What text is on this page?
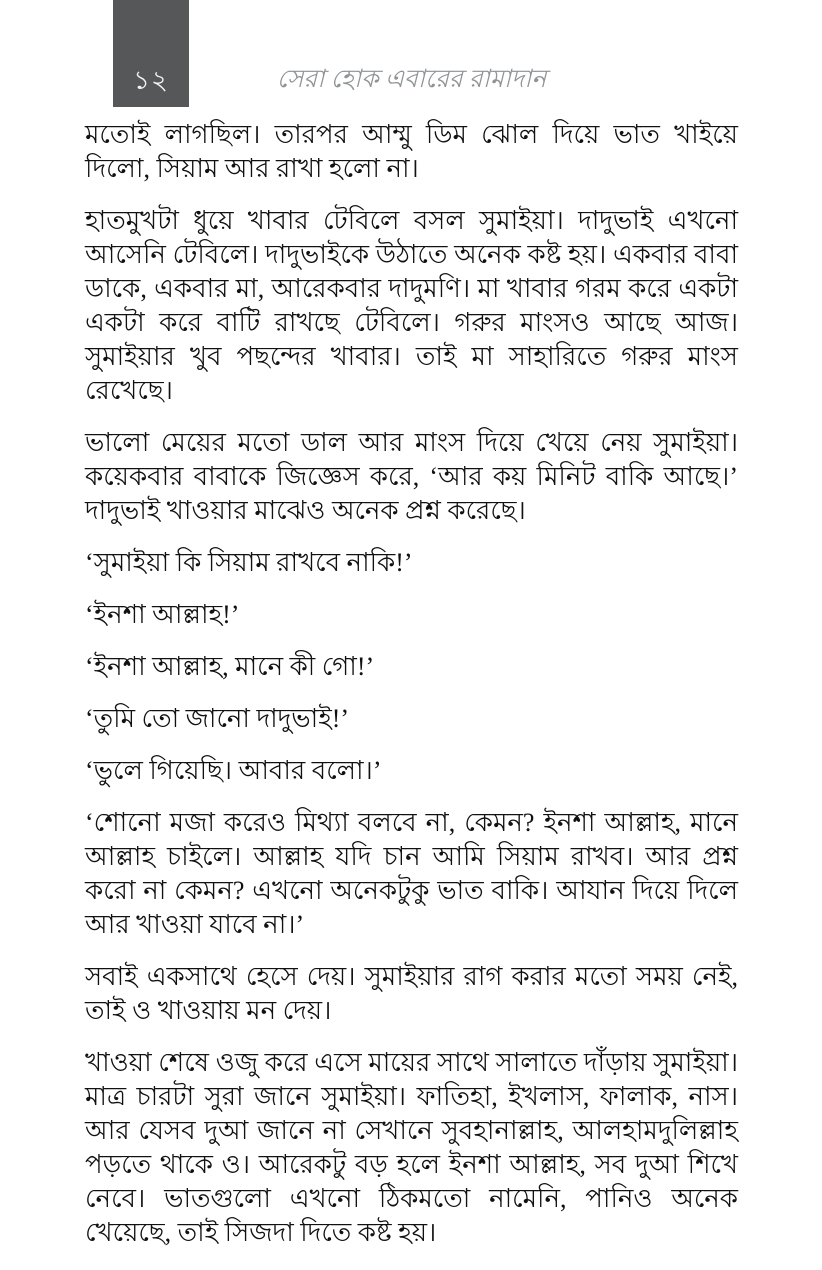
১২	সেরা হোক এবারের রামাদান

মতোই লাগছিল। তারপর আম্মু ডিম ঝোল দিয়ে ভাত খাইয়ে দিলো, সিয়াম আর রাখা হলো না।

হাতমুখটা ধুয়ে খাবার টেবিলে বসল সুমাইয়া। দাদুভাই এখনো আসেনি টেবিলে। দাদুভাইকে উঠাতে অনেক কষ্ট হয়। একবার বাবা ডাকে, একবার মা, আরেকবার দাদুমণি। মা খাবার গরম করে একটা একটা করে বাটি রাখছে টেবিলে। গরুর মাংসও আছে আজ। সুমাইয়ার খুব পছন্দের খাবার। তাই মা সাহারিতে গরুর মাংস রেখেছে।

ভালো মেয়ের মতো ডাল আর মাংস দিয়ে খেয়ে নেয় সুমাইয়া। কয়েকবার বাবাকে জিজ্ঞেস করে, ‘আর কয় মিনিট বাকি আছে।’ দাদুভাই খাওয়ার মাঝেও অনেক প্রশ্ন করেছে।

‘সুমাইয়া কি সিয়াম রাখবে নাকি!’

‘ইনশা আল্লাহ!’

‘ইনশা আল্লাহ, মানে কী গো!’

‘তুমি তো জানো দাদুভাই!’

‘ভুলে গিয়েছি। আবার বলো।’

‘শোনো মজা করেও মিথ্যা বলবে না, কেমন? ইনশা আল্লাহ, মানে আল্লাহ চাইলে। আল্লাহ যদি চান আমি সিয়াম রাখব। আর প্রশ্ন করো না কেমন? এখনো অনেকটুকু ভাত বাকি। আযান দিয়ে দিলে আর খাওয়া যাবে না।’

সবাই একসাথে হেসে দেয়। সুমাইয়ার রাগ করার মতো সময় নেই, তাই ও খাওয়ায় মন দেয়।

খাওয়া শেষে ওজু করে এসে মায়ের সাথে সালাতে দাঁড়ায় সুমাইয়া। মাত্র চারটা সুরা জানে সুমাইয়া। ফাতিহা, ইখলাস, ফালাক, নাস। আর যেসব দুআ জানে না সেখানে সুবহানাল্লাহ, আলহামদুলিল্লাহ পড়তে থাকে ও। আরেকটু বড় হলে ইনশা আল্লাহ, সব দুআ শিখে নেবে। ভাতগুলো এখনো ঠিকমতো নামেনি, পানিও অনেক খেয়েছে, তাই সিজদা দিতে কষ্ট হয়।
